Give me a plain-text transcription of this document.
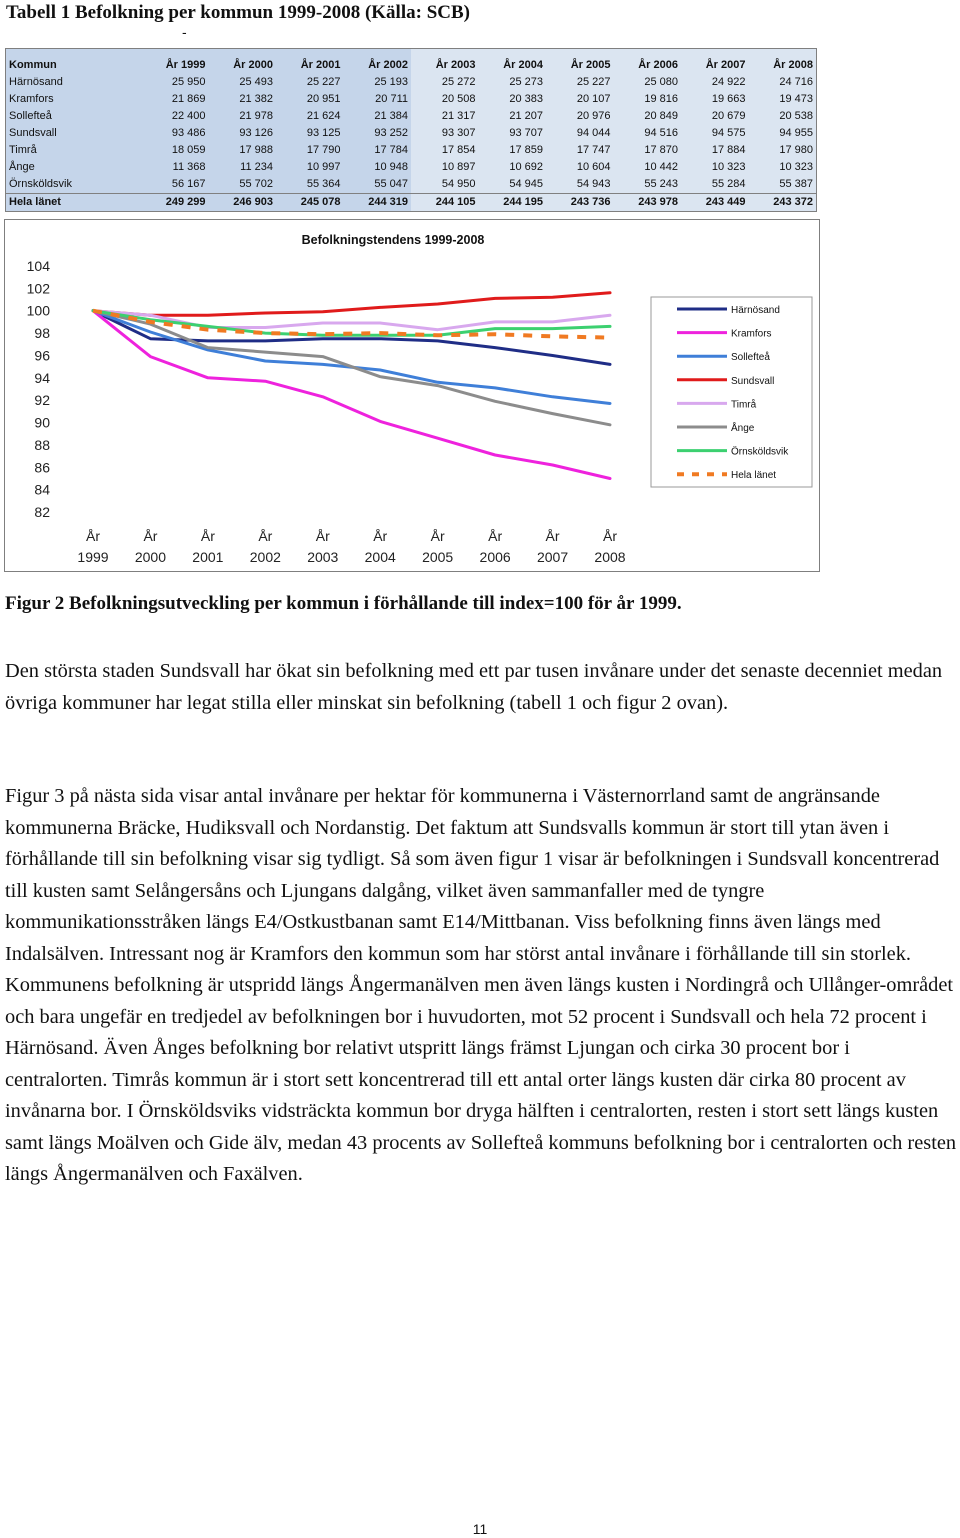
Tabell 1 Befolkning per kommun 1999-2008 (Källa: SCB)
-
Kommun	År 1999	År 2000	År 2001	År 2002	År 2003	År 2004	År 2005	År 2006	År 2007	År 2008
Härnösand	25 950	25 493	25 227	25 193	25 272	25 273	25 227	25 080	24 922	24 716
Kramfors	21 869	21 382	20 951	20 711	20 508	20 383	20 107	19 816	19 663	19 473
Sollefteå	22 400	21 978	21 624	21 384	21 317	21 207	20 976	20 849	20 679	20 538
Sundsvall	93 486	93 126	93 125	93 252	93 307	93 707	94 044	94 516	94 575	94 955
Timrå	18 059	17 988	17 790	17 784	17 854	17 859	17 747	17 870	17 884	17 980
Ånge	11 368	11 234	10 997	10 948	10 897	10 692	10 604	10 442	10 323	10 323
Örnsköldsvik	56 167	55 702	55 364	55 047	54 950	54 945	54 943	55 243	55 284	55 387
Hela länet	249 299	246 903	245 078	244 319	244 105	244 195	243 736	243 978	243 449	243 372
Befolkningstendens 1999-2008
82
84
86
88
90
92
94
96
98
100
102
104
År 1999
År 2000
År 2001
År 2002
År 2003
År 2004
År 2005
År 2006
År 2007
År 2008
Härnösand
Kramfors
Sollefteå
Sundsvall
Timrå
Ånge
Örnsköldsvik
Hela länet
Figur 2 Befolkningsutveckling per kommun i förhållande till index=100 för år 1999.

Den största staden Sundsvall har ökat sin befolkning med ett par tusen invånare under det senaste decenniet medan övriga kommuner har legat stilla eller minskat sin befolkning (tabell 1 och figur 2 ovan).

Figur 3 på nästa sida visar antal invånare per hektar för kommunerna i Västernorrland samt de angränsande kommunerna Bräcke, Hudiksvall och Nordanstig. Det faktum att Sundsvalls kommun är stort till ytan även i förhållande till sin befolkning visar sig tydligt. Så som även figur 1 visar är befolkningen i Sundsvall koncentrerad till kusten samt Selångersåns och Ljungans dalgång, vilket även sammanfaller med de tyngre kommunikationsstråken längs E4/Ostkustbanan samt E14/Mittbanan. Viss befolkning finns även längs med Indalsälven. Intressant nog är Kramfors den kommun som har störst antal invånare i förhållande till sin storlek. Kommunens befolkning är utspridd längs Ångermanälven men även längs kusten i Nordingrå och Ullånger-området och bara ungefär en tredjedel av befolkningen bor i huvudorten, mot 52 procent i Sundsvall och hela 72 procent i Härnösand. Även Ånges befolkning bor relativt utspritt längs främst Ljungan och cirka 30 procent bor i centralorten. Timrås kommun är i stort sett koncentrerad till ett antal orter längs kusten där cirka 80 procent av invånarna bor. I Örnsköldsviks vidsträckta kommun bor dryga hälften i centralorten, resten i stort sett längs kusten samt längs Moälven och Gide älv, medan 43 procents av Sollefteå kommuns befolkning bor i centralorten och resten längs Ångermanälven och Faxälven.

11
